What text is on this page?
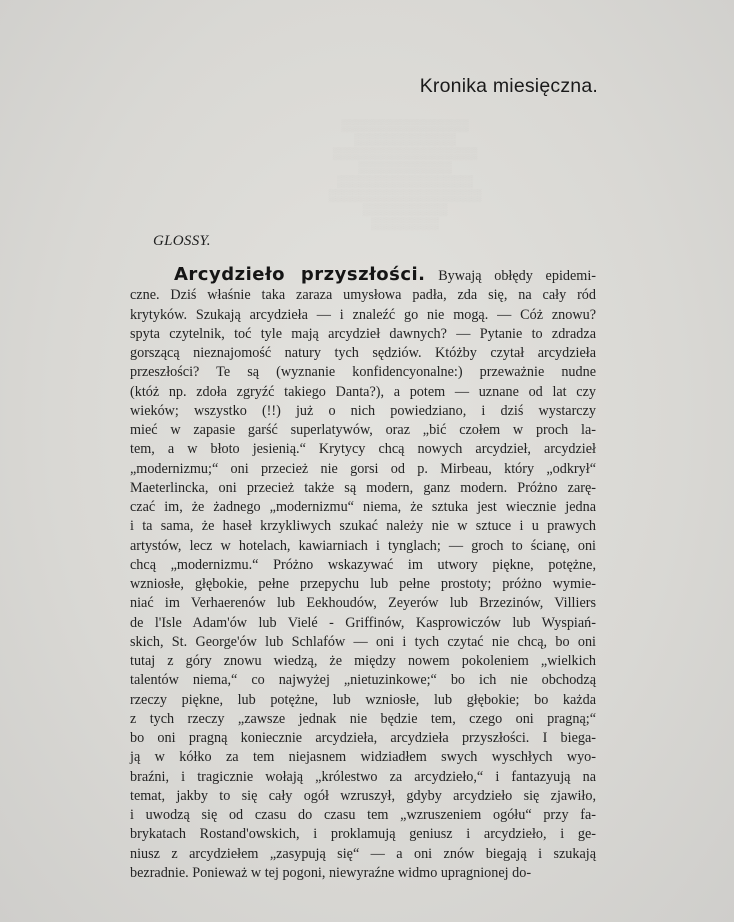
▒▒▒▒▒▒▒▒▒▒▒▒▒▒▒
▒▒▒▒▒▒▒▒▒▒▒▒
▒▒▒▒▒▒▒▒▒▒▒▒▒▒▒▒▒
▒▒▒▒▒▒▒▒▒▒▒
▒▒▒▒▒▒▒▒▒▒▒▒▒▒▒▒
▒▒▒▒▒▒▒▒▒▒▒▒▒▒▒▒▒▒
▒▒▒▒▒▒▒▒▒▒
▒▒▒▒▒▒▒▒
Kronika miesięczna.
GLOSSY.
Arcydzieło przyszłości. Bywają obłędy epidemi-
czne. Dziś właśnie taka zaraza umysłowa padła, zda się, na cały ród
krytyków. Szukają arcydzieła — i znaleźć go nie mogą. — Cóż znowu?
spyta czytelnik, toć tyle mają arcydzieł dawnych? — Pytanie to zdradza
gorszącą nieznajomość natury tych sędziów. Któżby czytał arcydzieła
przeszłości? Te są (wyznanie konfidencyonalne:) przeważnie nudne
(któż np. zdoła zgryźć takiego Danta?), a potem — uznane od lat czy
wieków; wszystko (!!) już o nich powiedziano, i dziś wystarczy
mieć w zapasie garść superlatywów, oraz „bić czołem w proch la-
tem, a w błoto jesienią.“ Krytycy chcą nowych arcydzieł, arcydzieł
„modernizmu;“ oni przecież nie gorsi od p. Mirbeau, który „odkrył“
Maeterlincka, oni przecież także są modern, ganz modern. Próżno zarę-
czać im, że żadnego „modernizmu“ niema, że sztuka jest wiecznie jedna
i ta sama, że haseł krzykliwych szukać należy nie w sztuce i u prawych
artystów, lecz w hotelach, kawiarniach i tynglach; — groch to ścianę, oni
chcą „modernizmu.“ Próżno wskazywać im utwory piękne, potężne,
wzniosłe, głębokie, pełne przepychu lub pełne prostoty; próżno wymie-
niać im Verhaerenów lub Eekhoudów, Zeyerów lub Brzezinów, Villiers
de l'Isle Adam'ów lub Vielé - Griffinów, Kasprowiczów lub Wyspiań-
skich, St. George'ów lub Schlafów — oni i tych czytać nie chcą, bo oni
tutaj z góry znowu wiedzą, że między nowem pokoleniem „wielkich
talentów niema,“ co najwyżej „nietuzinkowe;“ bo ich nie obchodzą
rzeczy piękne, lub potężne, lub wzniosłe, lub głębokie; bo każda
z tych rzeczy „zawsze jednak nie będzie tem, czego oni pragną;“
bo oni pragną koniecznie arcydzieła, arcydzieła przyszłości. I biega-
ją w kółko za tem niejasnem widziadłem swych wyschłych wyo-
braźni, i tragicznie wołają „królestwo za arcydzieło,“ i fantazyują na
temat, jakby to się cały ogół wzruszył, gdyby arcydzieło się zjawiło,
i uwodzą się od czasu do czasu tem „wzruszeniem ogółu“ przy fa-
brykatach Rostand'owskich, i proklamują geniusz i arcydzieło, i ge-
niusz z arcydziełem „zasypują się“ — a oni znów biegają i szukają
bezradnie. Ponieważ w tej pogoni, niewyraźne widmo upragnionej do-
